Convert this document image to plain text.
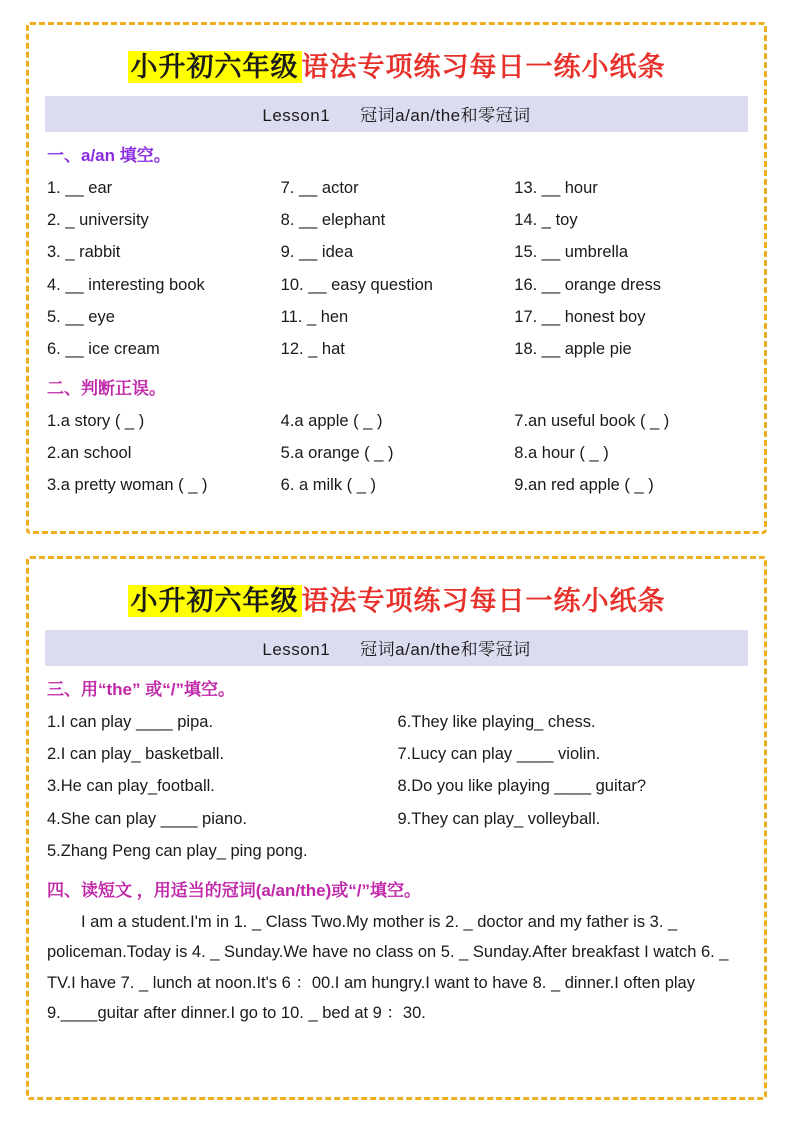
小升初六年级 语法专项练习每日一练小纸条
Lesson1 冠词a/an/the和零冠词
一、a/an 填空。
1. __ ear
2. _ university
3. _ rabbit
4. __ interesting book
5. __ eye
6. __ ice cream
7. __ actor
8. __ elephant
9. __ idea
10. __ easy question
11. _ hen
12. _ hat
13. __ hour
14. _ toy
15. __ umbrella
16. __ orange dress
17. __ honest boy
18. __ apple pie
二、判断正误。
1.a story ( _ )
2.an school
3.a pretty woman ( _ )
4.a apple ( _ )
5.a orange ( _ )
6. a milk ( _ )
7.an useful book ( _ )
8.a hour ( _ )
9.an red apple ( _ )
小升初六年级 语法专项练习每日一练小纸条
Lesson1 冠词a/an/the和零冠词
三、用“the” 或“/”填空。
1.I can play ____ pipa.
2.I can play_ basketball.
3.He can play_football.
4.She can play ____ piano.
5.Zhang Peng can play_ ping pong.
6.They like playing_ chess.
7.Lucy can play ____ violin.
8.Do you like playing ____ guitar?
9.They can play_ volleyball.
四、读短文 ，用适当的冠词(a/an/the)或“/”填空。
I am a student.I'm in 1. _ Class Two.My mother is 2. _ doctor and my father is 3. _ policeman.Today is 4. _ Sunday.We have no class on 5. _ Sunday.After breakfast I watch 6. _ TV.I have 7. _ lunch at noon.It's 6 ：00.I am hungry.I want to have 8. _ dinner.I often play 9.____guitar after dinner.I go to 10. _ bed at 9 ：30.
